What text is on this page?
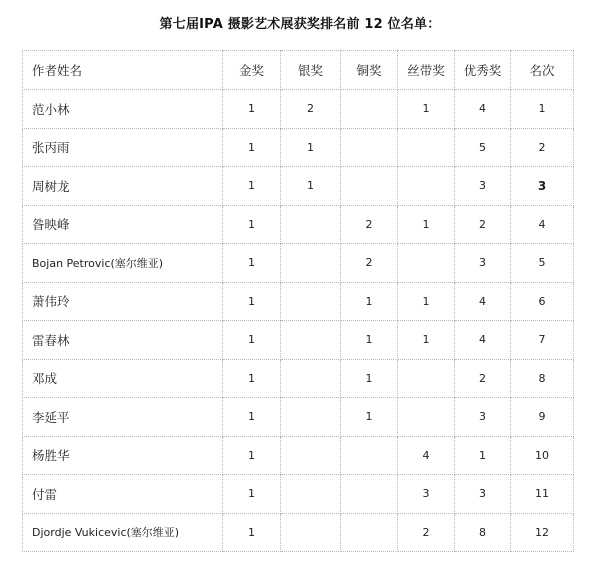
第七届IPA 摄影艺术展获奖排名前 12 位名单：
作者姓名	金奖	银奖	铜奖	丝带奖	优秀奖	名次
范小林	1	2		1	4	1
张丙雨	1	1			5	2
周树龙	1	1			3	3
昝映峰	1		2	1	2	4
Bojan Petrovic(塞尔维亚)	1		2		3	5
萧伟玲	1		1	1	4	6
雷春林	1		1	1	4	7
邓成	1		1		2	8
李延平	1		1		3	9
杨胜华	1			4	1	10
付雷	1			3	3	11
Djordje Vukicevic(塞尔维亚)	1			2	8	12
